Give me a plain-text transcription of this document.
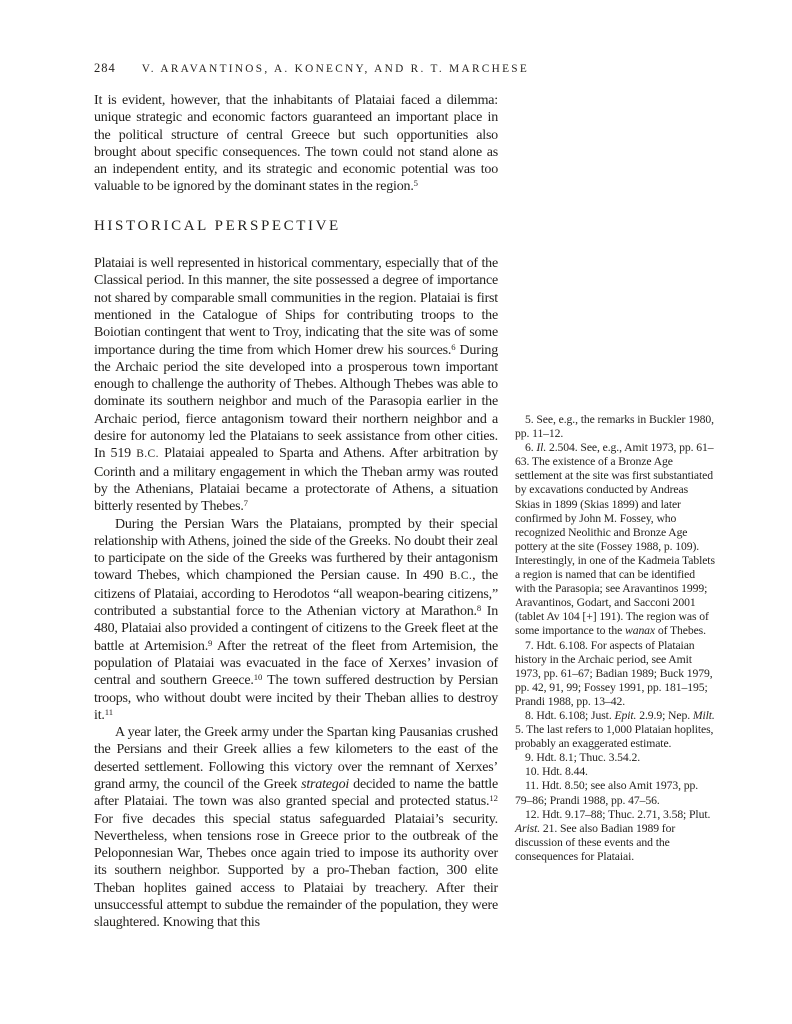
284 V. ARAVANTINOS, A. KONECNY, AND R. T. MARCHESE

It is evident, however, that the inhabitants of Plataiai faced a dilemma: unique strategic and economic factors guaranteed an important place in the political structure of central Greece but such opportunities also brought about specific consequences. The town could not stand alone as an independent entity, and its strategic and economic potential was too valuable to be ignored by the dominant states in the region.$^5$

HISTORICAL PERSPECTIVE

Plataiai is well represented in historical commentary, especially that of the Classical period. In this manner, the site possessed a degree of importance not shared by comparable small communities in the region. Plataiai is first mentioned in the Catalogue of Ships for contributing troops to the Boiotian contingent that went to Troy, indicating that the site was of some importance during the time from which Homer drew his sources.$^6$ During the Archaic period the site developed into a prosperous town important enough to challenge the authority of Thebes. Although Thebes was able to dominate its southern neighbor and much of the Parasopia earlier in the Archaic period, fierce antagonism toward their northern neighbor and a desire for autonomy led the Plataians to seek assistance from other cities. In 519 B.C. Plataiai appealed to Sparta and Athens. After arbitration by Corinth and a military engagement in which the Theban army was routed by the Athenians, Plataiai became a protectorate of Athens, a situation bitterly resented by Thebes.$^7$

During the Persian Wars the Plataians, prompted by their special relationship with Athens, joined the side of the Greeks. No doubt their zeal to participate on the side of the Greeks was furthered by their antagonism toward Thebes, which championed the Persian cause. In 490 B.C., the citizens of Plataiai, according to Herodotos “all weapon-bearing citizens,” contributed a substantial force to the Athenian victory at Marathon.$^8$ In 480, Plataiai also provided a contingent of citizens to the Greek fleet at the battle at Artemision.$^9$ After the retreat of the fleet from Artemision, the population of Plataiai was evacuated in the face of Xerxes’ invasion of central and southern Greece.$^{10}$ The town suffered destruction by Persian troops, who without doubt were incited by their Theban allies to destroy it.$^{11}$

A year later, the Greek army under the Spartan king Pausanias crushed the Persians and their Greek allies a few kilometers to the east of the deserted settlement. Following this victory over the remnant of Xerxes’ grand army, the council of the Greek strategoi decided to name the battle after Plataiai. The town was also granted special and protected status.$^{12}$ For five decades this special status safeguarded Plataiai’s security. Nevertheless, when tensions rose in Greece prior to the outbreak of the Peloponnesian War, Thebes once again tried to impose its authority over its southern neighbor. Supported by a pro-Theban faction, 300 elite Theban hoplites gained access to Plataiai by treachery. After their unsuccessful attempt to subdue the remainder of the population, they were slaughtered. Knowing that this

5. See, e.g., the remarks in Buckler 1980, pp. 11–12.

6. Il. 2.504. See, e.g., Amit 1973, pp. 61–63. The existence of a Bronze Age settlement at the site was first substantiated by excavations conducted by Andreas Skias in 1899 (Skias 1899) and later confirmed by John M. Fossey, who recognized Neolithic and Bronze Age pottery at the site (Fossey 1988, p. 109). Interestingly, in one of the Kadmeia Tablets a region is named that can be identified with the Parasopia; see Aravantinos 1999; Aravantinos, Godart, and Sacconi 2001 (tablet Av 104 [+] 191). The region was of some importance to the wanax of Thebes.

7. Hdt. 6.108. For aspects of Plataian history in the Archaic period, see Amit 1973, pp. 61–67; Badian 1989; Buck 1979, pp. 42, 91, 99; Fossey 1991, pp. 181–195; Prandi 1988, pp. 13–42.

8. Hdt. 6.108; Just. Epit. 2.9.9; Nep. Milt. 5. The last refers to 1,000 Plataian hoplites, probably an exaggerated estimate.

9. Hdt. 8.1; Thuc. 3.54.2.

10. Hdt. 8.44.

11. Hdt. 8.50; see also Amit 1973, pp. 79–86; Prandi 1988, pp. 47–56.

12. Hdt. 9.17–88; Thuc. 2.71, 3.58; Plut. Arist. 21. See also Badian 1989 for discussion of these events and the consequences for Plataiai.
